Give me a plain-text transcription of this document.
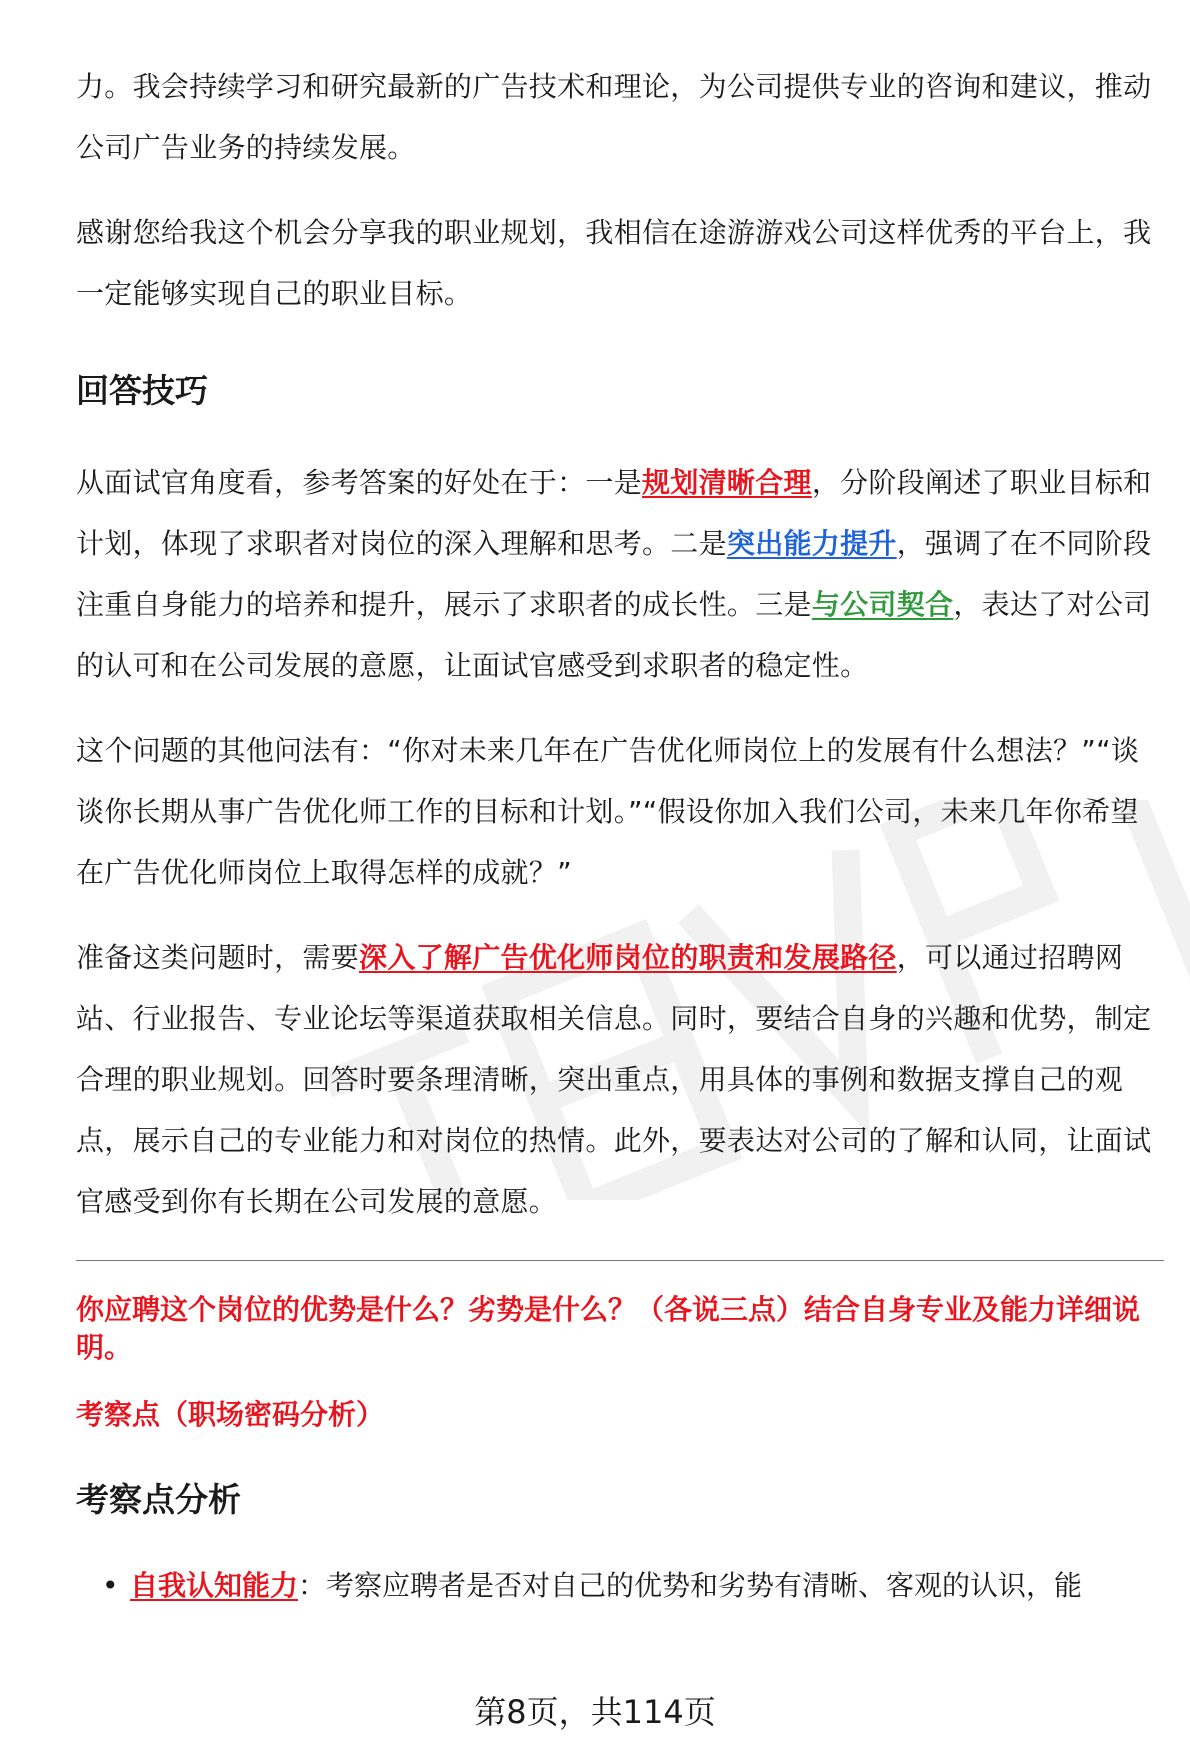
力。我会持续学习和研究最新的广告技术和理论，为公司提供专业的咨询和建议，推动公司广告业务的持续发展。

感谢您给我这个机会分享我的职业规划，我相信在途游游戏公司这样优秀的平台上，我一定能够实现自己的职业目标。

回答技巧

从面试官角度看，参考答案的好处在于：一是规划清晰合理，分阶段阐述了职业目标和计划，体现了求职者对岗位的深入理解和思考。二是突出能力提升，强调了在不同阶段注重自身能力的培养和提升，展示了求职者的成长性。三是与公司契合，表达了对公司的认可和在公司发展的意愿，让面试官感受到求职者的稳定性。

这个问题的其他问法有：“你对未来几年在广告优化师岗位上的发展有什么想法？”“谈谈你长期从事广告优化师工作的目标和计划。”“假设你加入我们公司，未来几年你希望在广告优化师岗位上取得怎样的成就？”

准备这类问题时，需要深入了解广告优化师岗位的职责和发展路径，可以通过招聘网站、行业报告、专业论坛等渠道获取相关信息。同时，要结合自身的兴趣和优势，制定合理的职业规划。回答时要条理清晰，突出重点，用具体的事例和数据支撑自己的观点，展示自己的专业能力和对岗位的热情。此外，要表达对公司的了解和认同，让面试官感受到你有长期在公司发展的意愿。

你应聘这个岗位的优势是什么？劣势是什么？（各说三点）结合自身专业及能力详细说明。

考察点（职场密码分析）

考察点分析
• 自我认知能力：考察应聘者是否对自己的优势和劣势有清晰、客观的认识，能
第8页，共114页
